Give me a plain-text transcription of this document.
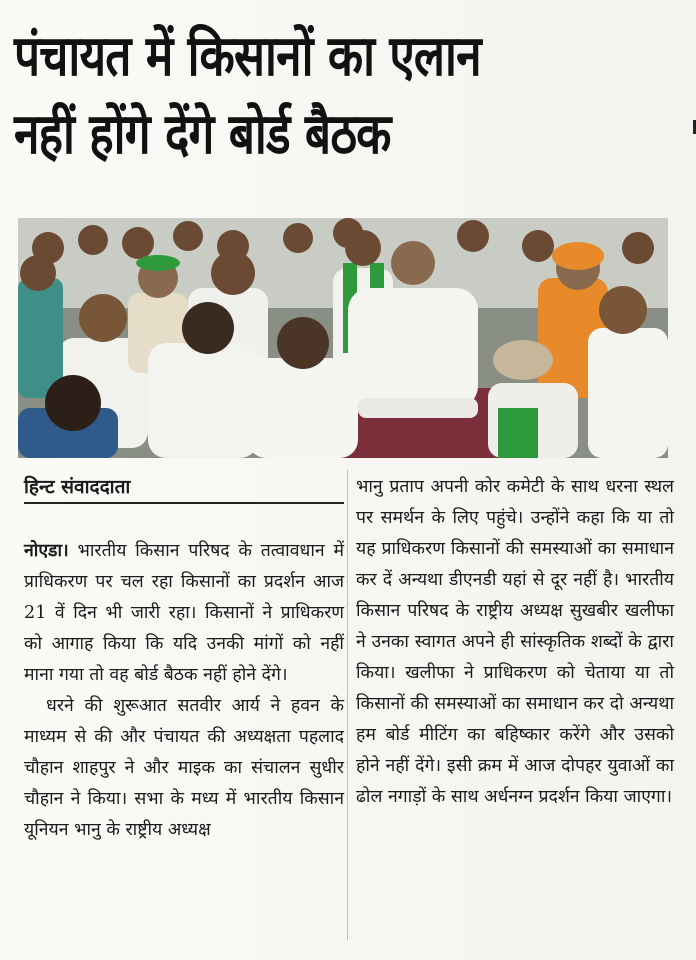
पंचायत में किसानों का एलान
नहीं होंगे देंगे बोर्ड बैठक
हिन्ट संवाददाता

नोएडा। भारतीय किसान परिषद के तत्वावधान में प्राधिकरण पर चल रहा किसानों का प्रदर्शन आज 21 वें दिन भी जारी रहा। किसानों ने प्राधिकरण को आगाह किया कि यदि उनकी मांगों को नहीं माना गया तो वह बोर्ड बैठक नहीं होने देंगे।

धरने की शुरूआत सतवीर आर्य ने हवन के माध्यम से की और पंचायत की अध्यक्षता पहलाद चौहान शाहपुर ने और माइक का संचालन सुधीर चौहान ने किया। सभा के मध्य में भारतीय किसान यूनियन भानु के राष्ट्रीय अध्यक्ष

भानु प्रताप अपनी कोर कमेटी के साथ धरना स्थल पर समर्थन के लिए पहुंचे। उन्होंने कहा कि या तो यह प्राधिकरण किसानों की समस्याओं का समाधान कर दें अन्यथा डीएनडी यहां से दूर नहीं है। भारतीय किसान परिषद के राष्ट्रीय अध्यक्ष सुखबीर खलीफा ने उनका स्वागत अपने ही सांस्कृतिक शब्दों के द्वारा किया। खलीफा ने प्राधिकरण को चेताया या तो किसानों की समस्याओं का समाधान कर दो अन्यथा हम बोर्ड मीटिंग का बहिष्कार करेंगे और उसको होने नहीं देंगे। इसी क्रम में आज दोपहर युवाओं का ढोल नगाड़ों के साथ अर्धनग्न प्रदर्शन किया जाएगा।
